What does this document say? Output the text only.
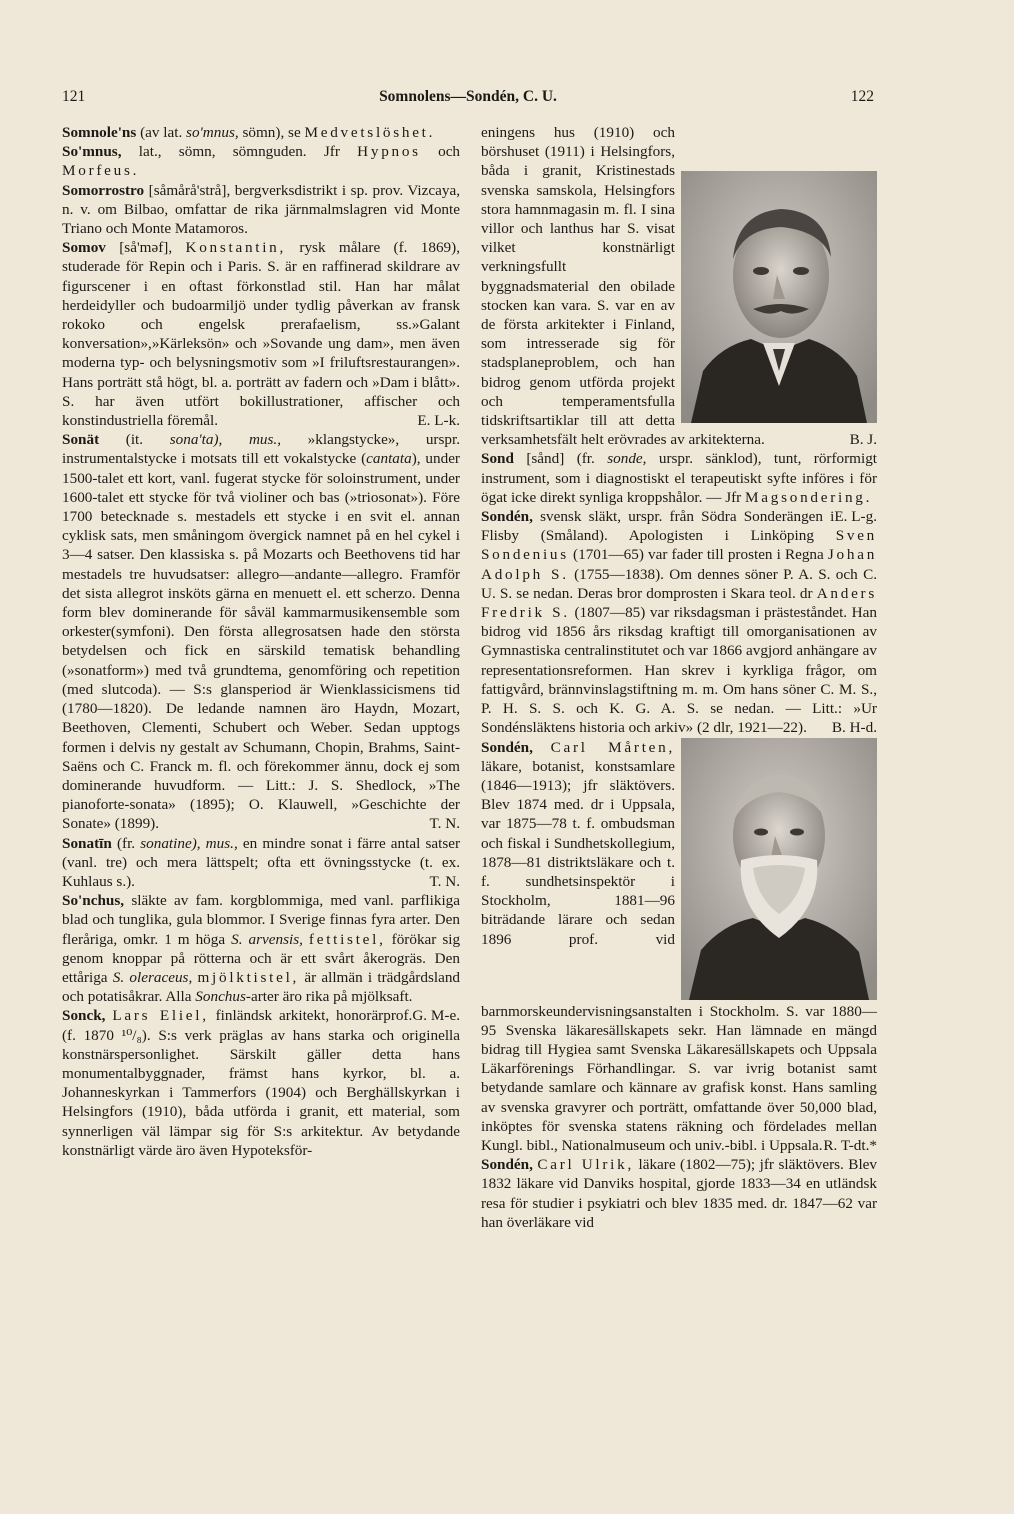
121	Somnolens—Sondén, C. U.	122

Somnole'ns (av lat. so'mnus, sömn), se Medvetslöshet.

So'mnus, lat., sömn, sömnguden. Jfr Hypnos och Morfeus.

Somorrostro [såmårå'strå], bergverksdistrikt i sp. prov. Vizcaya, n. v. om Bilbao, omfattar de rika järnmalmslagren vid Monte Triano och Monte Matamoros.

Somov [så'məf], Konstantin, rysk målare (f. 1869), studerade för Repin och i Paris. S. är en raffinerad skildrare av figurscener i en oftast förkonstlad stil. Han har målat herdeidyller och budoarmiljö under tydlig påverkan av fransk rokoko och engelsk prerafaelism, ss.»Galant konversation»,»Kärleksön» och »Sovande ung dam», men även moderna typ- och belysningsmotiv som »I friluftsrestaurangen». Hans porträtt stå högt, bl. a. porträtt av fadern och »Dam i blått». S. har även utfört bokillustrationer, affischer och konstindustriella föremål.	E. L-k.

Sonät (it. sona'ta), mus., »klangstycke», urspr. instrumentalstycke i motsats till ett vokalstycke (cantata), under 1500-talet ett kort, vanl. fugerat stycke för soloinstrument, under 1600-talet ett stycke för två violiner och bas (»triosonat»). Före 1700 betecknade s. mestadels ett stycke i en svit el. annan cyklisk sats, men småningom övergick namnet på en hel cykel i 3—4 satser. Den klassiska s. på Mozarts och Beethovens tid har mestadels tre huvudsatser: allegro—andante—allegro. Framför det sista allegrot insköts gärna en menuett el. ett scherzo. Denna form blev dominerande för såväl kammarmusikensemble som orkester(symfoni). Den första allegrosatsen hade den största betydelsen och fick en särskild tematisk behandling (»sonatform») med två grundtema, genomföring och repetition (med slutcoda). — S:s glansperiod är Wienklassicismens tid (1780—1820). De ledande namnen äro Haydn, Mozart, Beethoven, Clementi, Schubert och Weber. Sedan upptogs formen i delvis ny gestalt av Schumann, Chopin, Brahms, Saint-Saëns och C. Franck m. fl. och förekommer ännu, dock ej som dominerande huvudform. — Litt.: J. S. Shedlock, »The pianoforte-sonata» (1895); O. Klauwell, »Geschichte der Sonate» (1899).	T. N.

Sonatīn (fr. sonatine), mus., en mindre sonat i färre antal satser (vanl. tre) och mera lättspelt; ofta ett övningsstycke (t. ex. Kuhlaus s.).	T. N.

So'nchus, släkte av fam. korgblommiga, med vanl. parflikiga blad och tunglika, gula blommor. I Sverige finnas fyra arter. Den fleråriga, omkr. 1 m höga S. arvensis, fettistel, förökar sig genom knoppar på rötterna och är ett svårt åkerogräs. Den ettåriga S. oleraceus, mjölktistel, är allmän i trädgårdsland och potatisåkrar. Alla Sonchus-arter äro rika på mjölksaft.
G. M-e.

Sonck, Lars Eliel, finländsk arkitekt, honorärprof. (f. 1870 ¹⁰/₈). S:s verk präglas av hans starka och originella konstnärspersonlighet. Särskilt gäller detta hans monumentalbyggnader, främst hans kyrkor, bl. a. Johanneskyrkan i Tammerfors (1904) och Berghällskyrkan i Helsingfors (1910), båda utförda i granit, ett material, som synnerligen väl lämpar sig för S:s arkitektur. Av betydande konstnärligt värde äro även Hypoteksför-

eningens hus (1910) och börshuset (1911) i Helsingfors, båda i granit, Kristinestads svenska samskola, Helsingfors stora hamnmagasin m. fl. I sina villor och lanthus har S. visat vilket konstnärligt verkningsfullt byggnadsmaterial den obilade stocken kan vara. S. var en av de första arkitekter i Finland, som intresserade sig för stadsplaneproblem, och han bidrog genom utförda projekt och temperamentsfulla tidskriftsartiklar till att detta verksamhetsfält helt erövrades av arkitekterna.	B. J.

Sond [sånd] (fr. sonde, urspr. sänklod), tunt, rörformigt instrument, som i diagnostiskt el terapeutiskt syfte införes i för ögat icke direkt synliga kroppshålor. — Jfr Magsondering.
E. L-g.

Sondén, svensk släkt, urspr. från Södra Sonderängen i Flisby (Småland). Apologisten i Linköping Sven Sondenius (1701—65) var fader till prosten i Regna Johan Adolph S. (1755—1838). Om dennes söner P. A. S. och C. U. S. se nedan. Deras bror domprosten i Skara teol. dr Anders Fredrik S. (1807—85) var riksdagsman i prästeståndet. Han bidrog vid 1856 års riksdag kraftigt till omorganisationen av Gymnastiska centralinstitutet och var 1866 avgjord anhängare av representationsreformen. Han skrev i kyrkliga frågor, om fattigvård, brännvinslagstiftning m. m. Om hans söner C. M. S., P. H. S. S. och K. G. A. S. se nedan. — Litt.: »Ur Sondénsläktens historia och arkiv» (2 dlr, 1921—22). B. H-d.

Sondén, Carl Mårten,
läkare, botanist, konstsamlare (1846—1913); jfr släktövers. Blev 1874 med. dr i Uppsala, var 1875—78 t. f. ombudsman och fiskal i Sundhetskollegium, 1878—81 distriktsläkare och t. f. sundhetsinspektör i Stockholm, 1881—96 biträdande lärare och sedan 1896 prof. vid barnmorskeundervisningsanstalten i Stockholm. S. var 1880—95 Svenska läkaresällskapets sekr. Han lämnade en mängd bidrag till Hygiea samt Svenska Läkaresällskapets och Uppsala Läkarförenings Förhandlingar. S. var ivrig botanist samt betydande samlare och kännare av grafisk konst. Hans samling av svenska gravyrer och porträtt, omfattande över 50,000 blad, inköptes för svenska statens räkning och fördelades mellan Kungl. bibl., Nationalmuseum och univ.-bibl. i Uppsala. R. T-dt.*

Sondén, Carl Ulrik, läkare (1802—75); jfr släktövers. Blev 1832 läkare vid Danviks hospital, gjorde 1833—34 en utländsk resa för studier i psykiatri och blev 1835 med. dr. 1847—62 var han överläkare vid
